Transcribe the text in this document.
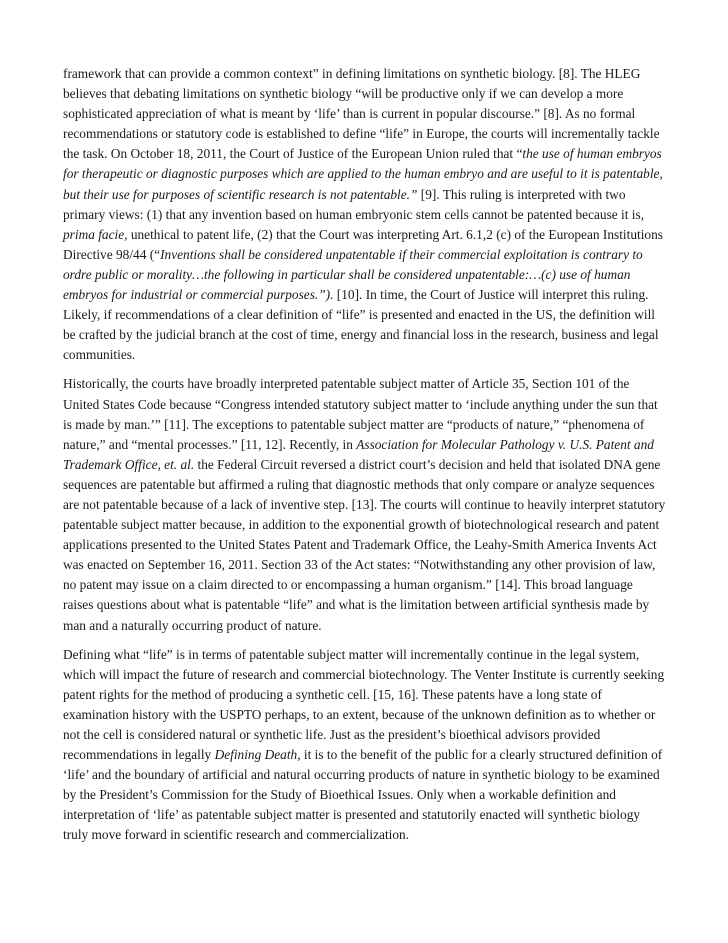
framework that can provide a common context” in defining limitations on synthetic biology. [8]. The HLEG believes that debating limitations on synthetic biology “will be productive only if we can develop a more sophisticated appreciation of what is meant by ‘life’ than is current in popular discourse.” [8]. As no formal recommendations or statutory code is established to define “life” in Europe, the courts will incrementally tackle the task. On October 18, 2011, the Court of Justice of the European Union ruled that “the use of human embryos for therapeutic or diagnostic purposes which are applied to the human embryo and are useful to it is patentable, but their use for purposes of scientific research is not patentable.” [9]. This ruling is interpreted with two primary views: (1) that any invention based on human embryonic stem cells cannot be patented because it is, prima facie, unethical to patent life, (2) that the Court was interpreting Art. 6.1,2 (c) of the European Institutions Directive 98/44 (“Inventions shall be considered unpatentable if their commercial exploitation is contrary to ordre public or morality…the following in particular shall be considered unpatentable:…(c) use of human embryos for industrial or commercial purposes.”). [10]. In time, the Court of Justice will interpret this ruling. Likely, if recommendations of a clear definition of “life” is presented and enacted in the US, the definition will be crafted by the judicial branch at the cost of time, energy and financial loss in the research, business and legal communities.

Historically, the courts have broadly interpreted patentable subject matter of Article 35, Section 101 of the United States Code because “Congress intended statutory subject matter to ‘include anything under the sun that is made by man.’” [11]. The exceptions to patentable subject matter are “products of nature,” “phenomena of nature,” and “mental processes.” [11, 12]. Recently, in Association for Molecular Pathology v. U.S. Patent and Trademark Office, et. al. the Federal Circuit reversed a district court’s decision and held that isolated DNA gene sequences are patentable but affirmed a ruling that diagnostic methods that only compare or analyze sequences are not patentable because of a lack of inventive step. [13]. The courts will continue to heavily interpret statutory patentable subject matter because, in addition to the exponential growth of biotechnological research and patent applications presented to the United States Patent and Trademark Office, the Leahy-Smith America Invents Act was enacted on September 16, 2011. Section 33 of the Act states: “Notwithstanding any other provision of law, no patent may issue on a claim directed to or encompassing a human organism.” [14]. This broad language raises questions about what is patentable “life” and what is the limitation between artificial synthesis made by man and a naturally occurring product of nature.

Defining what “life” is in terms of patentable subject matter will incrementally continue in the legal system, which will impact the future of research and commercial biotechnology. The Venter Institute is currently seeking patent rights for the method of producing a synthetic cell. [15, 16]. These patents have a long state of examination history with the USPTO perhaps, to an extent, because of the unknown definition as to whether or not the cell is considered natural or synthetic life. Just as the president’s bioethical advisors provided recommendations in legally Defining Death, it is to the benefit of the public for a clearly structured definition of ‘life’ and the boundary of artificial and natural occurring products of nature in synthetic biology to be examined by the President’s Commission for the Study of Bioethical Issues. Only when a workable definition and interpretation of ‘life’ as patentable subject matter is presented and statutorily enacted will synthetic biology truly move forward in scientific research and commercialization.
